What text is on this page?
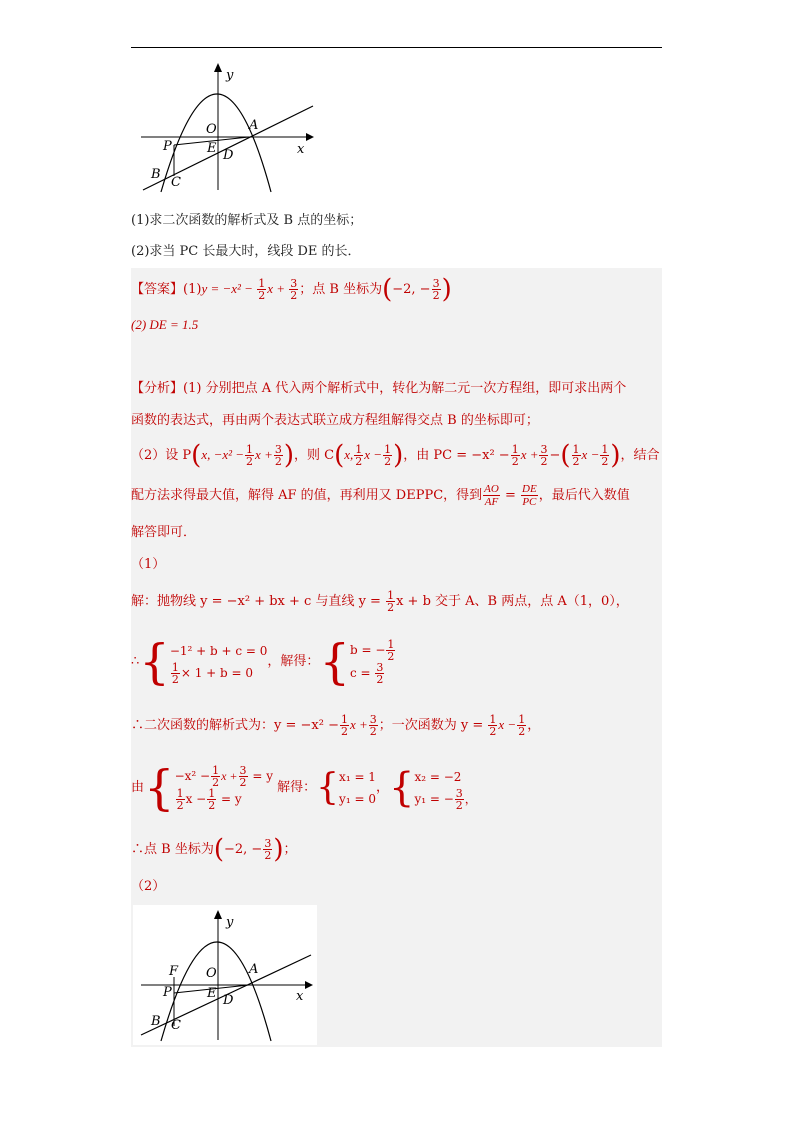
y
x
O A
P	E D
B
C
(1)求二次函数的解析式及 B 点的坐标；
(2)求当 PC 长最大时，线段 DE 的长．
【答案】$(1)y = -x^2 - \frac{1}{2}$ $x + \frac{3}{2}$ ；点 B 坐标为(−2, − $\frac{3}{2}$ )
(2) DE = 1.5
【分析】(1) 分别把点 A 代入两个解析式中，转化为解二元一次方程组，即可求出两个
函数的表达式，再由两个表达式联立成方程组解得交点 B 的坐标即可；
（2）设 P(x, $-x^2 - \frac{1}{2}$ $x + \frac{3}{2}$ )，则 C(x, $\frac{1}{2}$ $x - \frac{1}{2}$ )，由 PC = $-x^2 - \frac{1}{2}$ $x + \frac{3}{2}$ −( $\frac{1}{2}$ $x - \frac{1}{2}$ )，结合
配方法求得最大值，解得 AF 的值，再利用又 DEPPC，得到 $\frac{AO}{AF} = \frac{DE}{PC}$ ，最后代入数值
解答即可．
（1）
解：抛物线 y = −x² + bx + c 与直线 $y = \frac{1}{2}$ x + b 交于 A、B 两点，点 A（1，0），
∴ { −1² + b + c = 0
$\frac{1}{2} \times 1 + b = 0$
，解得： { b = − $\frac{1}{2}$
$c = \frac{3}{2}$
∴二次函数的解析式为：$y = -x^2 - \frac{1}{2}$ $x + \frac{3}{2}$ ；一次函数为 $y = \frac{1}{2}$ $x - \frac{1}{2}$ ，
由 { $-x^2 - \frac{1}{2}$ $x + \frac{3}{2} = y$
$\frac{1}{2}$ $x - \frac{1}{2} = y$

解得： { x₁ = 1
y₁ = 0
， { x₂ = −2
y₁ = − $\frac{3}{2}$ ，
∴点 B 坐标为(−2, − $\frac{3}{2}$ )；
（2）
y
x
O A
F
P	E D
B C
